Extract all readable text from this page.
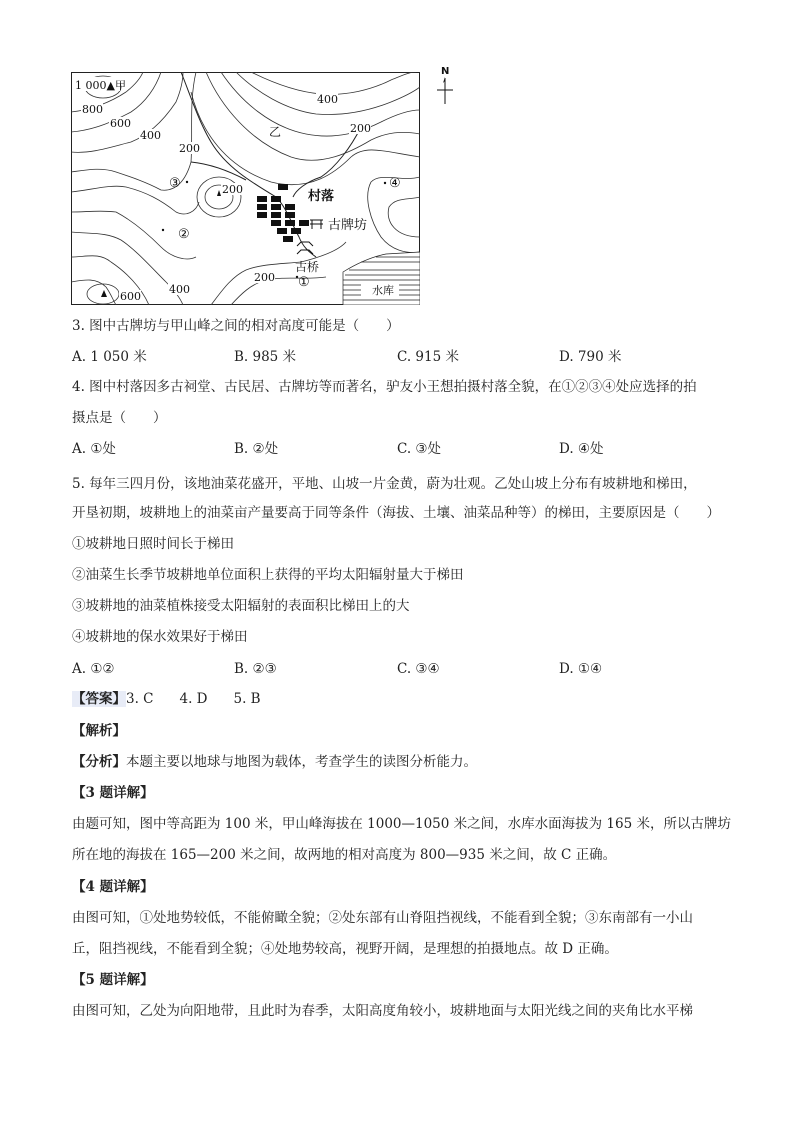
1 000▲甲
800
600
400
200
400
200
200
200
400
600
乙
村落
古牌坊
古桥
①
②
③	④
水库
N
3. 图中古牌坊与甲山峰之间的相对高度可能是（　　）
A. 1 050 米	B. 985 米	C. 915 米	D. 790 米
4. 图中村落因多古祠堂、古民居、古牌坊等而著名，驴友小王想拍摄村落全貌，在①②③④处应选择的拍
摄点是（　　）
A. ①处	B. ②处	C. ③处	D. ④处
5. 每年三四月份，该地油菜花盛开，平地、山坡一片金黄，蔚为壮观。乙处山坡上分布有坡耕地和梯田，
开垦初期，坡耕地上的油菜亩产量要高于同等条件（海拔、土壤、油菜品种等）的梯田，主要原因是（　　）
①坡耕地日照时间长于梯田
②油菜生长季节坡耕地单位面积上获得的平均太阳辐射量大于梯田
③坡耕地的油菜植株接受太阳辐射的表面积比梯田上的大
④坡耕地的保水效果好于梯田
A. ①②	B. ②③	C. ③④	D. ①④
【答案】3. C 4. D 5. B
【解析】
【分析】本题主要以地球与地图为载体，考查学生的读图分析能力。
【3 题详解】
由题可知，图中等高距为 100 米，甲山峰海拔在 1000—1050 米之间，水库水面海拔为 165 米，所以古牌坊
所在地的海拔在 165—200 米之间，故两地的相对高度为 800—935 米之间，故 C 正确。
【4 题详解】
由图可知，①处地势较低，不能俯瞰全貌；②处东部有山脊阻挡视线，不能看到全貌；③东南部有一小山
丘，阻挡视线，不能看到全貌；④处地势较高，视野开阔，是理想的拍摄地点。故 D 正确。
【5 题详解】
由图可知，乙处为向阳地带，且此时为春季，太阳高度角较小，坡耕地面与太阳光线之间的夹角比水平梯
